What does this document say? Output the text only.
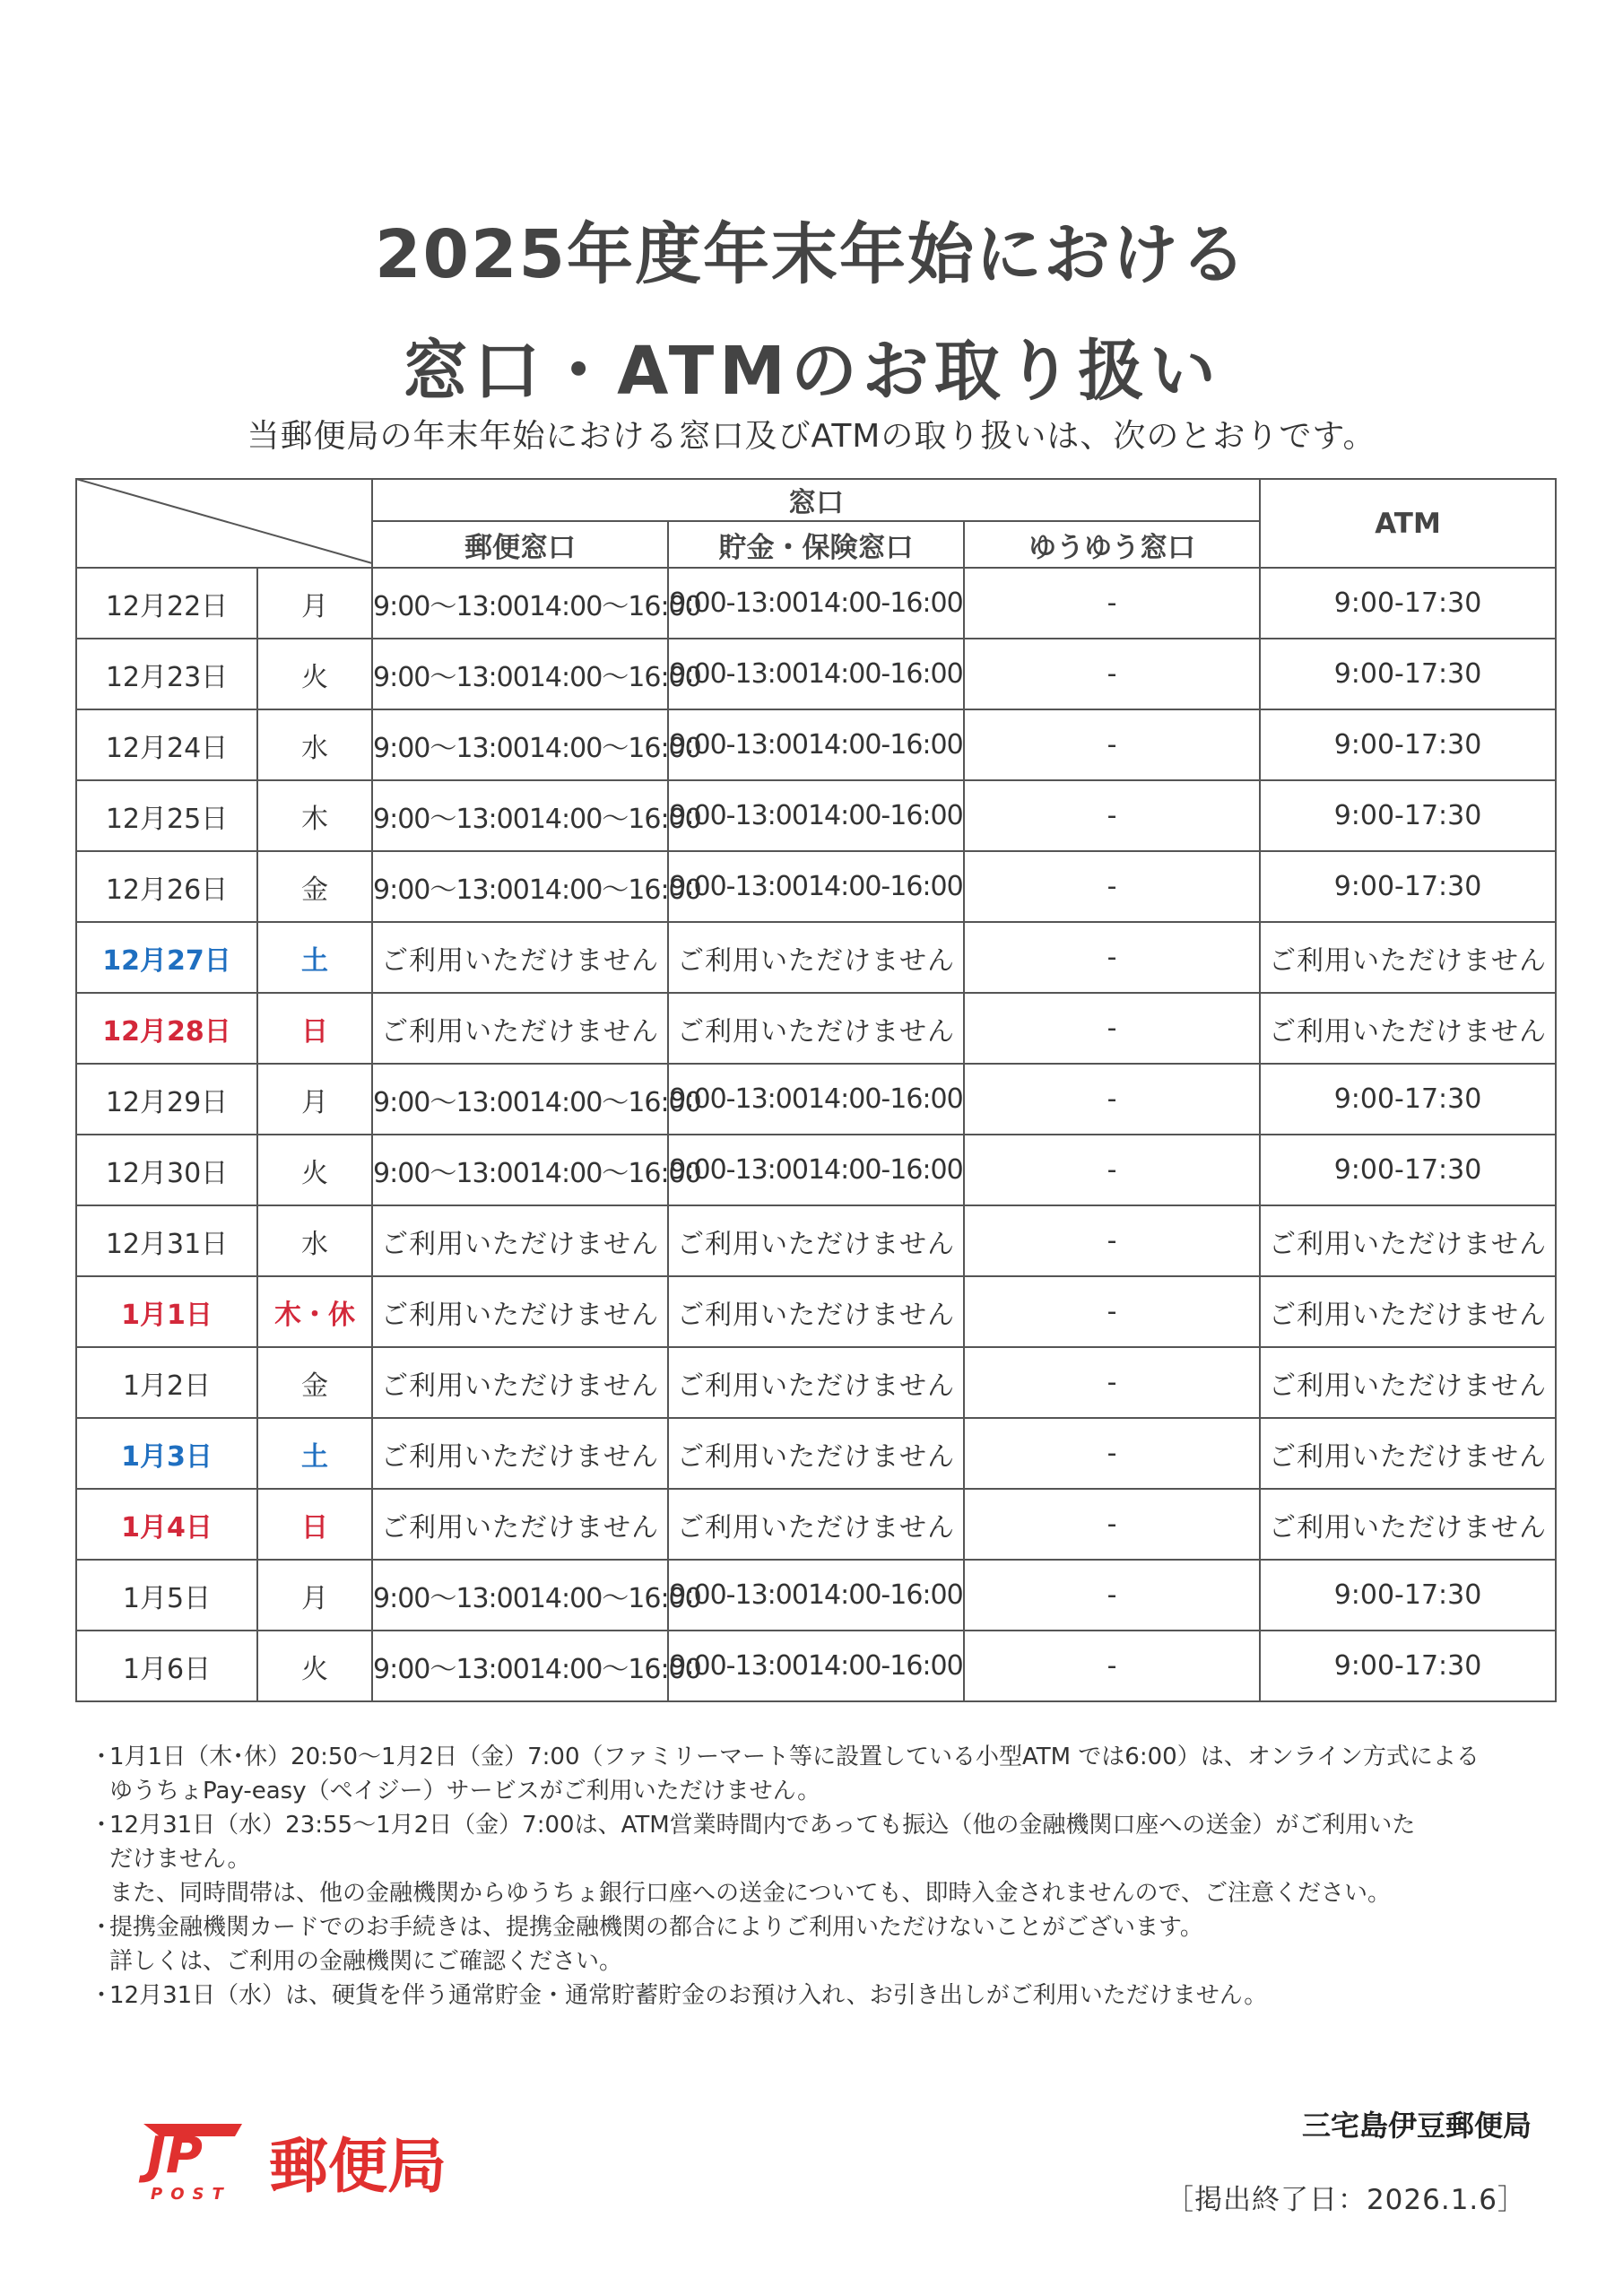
2025年度年末年始における
窓口・ATMのお取り扱い
当郵便局の年末年始における窓口及びATMの取り扱いは、次のとおりです。
	窓口			ATM
		郵便窓口	貯金・保険窓口	ゆうゆう窓口	
12月22日	月	9:00～13:0014:00～16:00	9:00-13:0014:00-16:00	-	9:00-17:30
12月23日	火	9:00～13:0014:00～16:00	9:00-13:0014:00-16:00	-	9:00-17:30
12月24日	水	9:00～13:0014:00～16:00	9:00-13:0014:00-16:00	-	9:00-17:30
12月25日	木	9:00～13:0014:00～16:00	9:00-13:0014:00-16:00	-	9:00-17:30
12月26日	金	9:00～13:0014:00～16:00	9:00-13:0014:00-16:00	-	9:00-17:30
12月27日	土	ご利用いただけません	ご利用いただけません	-	ご利用いただけません
12月28日	日	ご利用いただけません	ご利用いただけません	-	ご利用いただけません
12月29日	月	9:00～13:0014:00～16:00	9:00-13:0014:00-16:00	-	9:00-17:30
12月30日	火	9:00～13:0014:00～16:00	9:00-13:0014:00-16:00	-	9:00-17:30
12月31日	水	ご利用いただけません	ご利用いただけません	-	ご利用いただけません
1月1日	木・休	ご利用いただけません	ご利用いただけません	-	ご利用いただけません
1月2日	金	ご利用いただけません	ご利用いただけません	-	ご利用いただけません
1月3日	土	ご利用いただけません	ご利用いただけません	-	ご利用いただけません
1月4日	日	ご利用いただけません	ご利用いただけません	-	ご利用いただけません
1月5日	月	9:00～13:0014:00～16:00	9:00-13:0014:00-16:00	-	9:00-17:30
1月6日	火	9:00～13:0014:00～16:00	9:00-13:0014:00-16:00	-	9:00-17:30
・
1月1日（木･休）20:50～1月2日（金）7:00（ファミリーマート等に設置している小型ATM では6:00）は、オンライン方式による
ゆうちょPay-easy（ペイジー）サービスがご利用いただけません。
・
12月31日（水）23:55～1月2日（金）7:00は、ATM営業時間内であっても振込（他の金融機関口座への送金）がご利用いた
だけません。
また、同時間帯は、他の金融機関からゆうちょ銀行口座への送金についても、即時入金されませんので、ご注意ください。
・
提携金融機関カードでのお手続きは、提携金融機関の都合によりご利用いただけないことがございます。
詳しくは、ご利用の金融機関にご確認ください。
・
12月31日（水）は、硬貨を伴う通常貯金・通常貯蓄貯金のお預け入れ、お引き出しがご利用いただけません。
JP
POST 郵便局
三宅島伊豆郵便局
［掲出終了日：2026.1.6］
